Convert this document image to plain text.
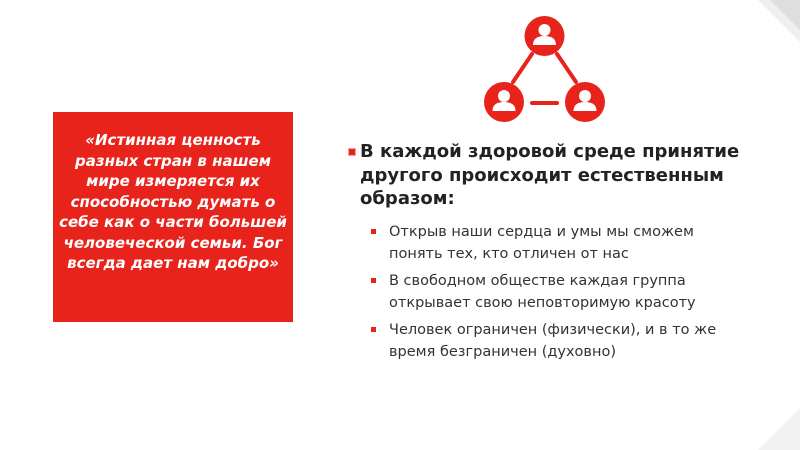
«Истинная ценность разных стран в нашем мире измеряется их способностью думать о себе как о части большей человеческой семьи. Бог всегда дает нам добро»

В каждой здоровой среде принятие другого происходит естественным образом:

Открыв наши сердца и умы мы сможем понять тех, кто отличен от нас
В свободном обществе каждая группа открывает свою неповторимую красоту
Человек ограничен (физически), и в то же время безграничен (духовно)
